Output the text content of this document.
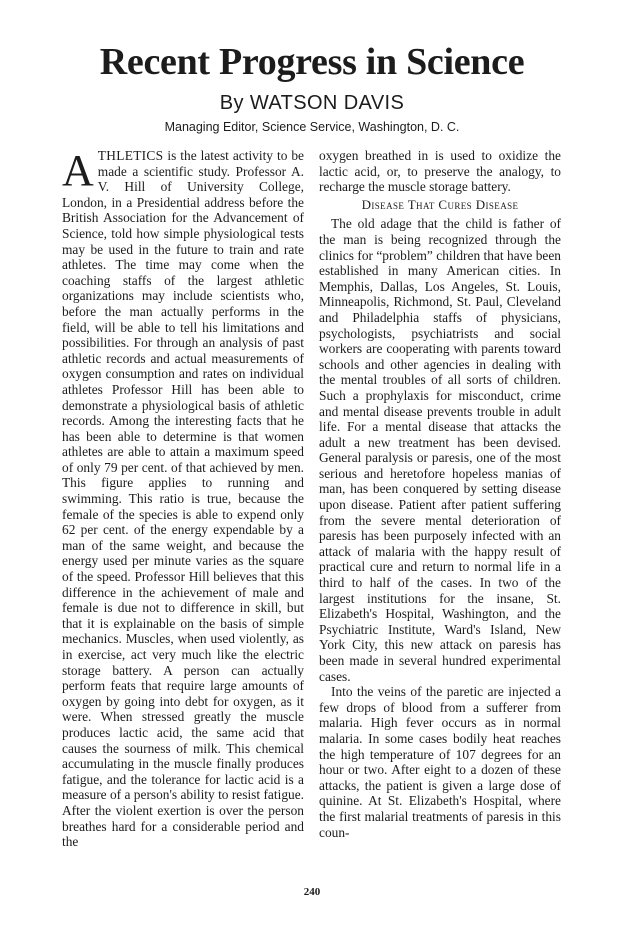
Recent Progress in Science
By WATSON DAVIS
Managing Editor, Science Service, Washington, D. C.

ATHLETICS is the latest activity to be made a scientific study. Professor A. V. Hill of University College, London, in a Presidential address before the British Association for the Advancement of Science, told how simple physiological tests may be used in the future to train and rate athletes. The time may come when the coaching staffs of the largest athletic organizations may include scientists who, before the man actually performs in the field, will be able to tell his limitations and possibilities. For through an analysis of past athletic records and actual measurements of oxygen consumption and rates on individual athletes Professor Hill has been able to demonstrate a physiological basis of athletic records. Among the interesting facts that he has been able to determine is that women athletes are able to attain a maximum speed of only 79 per cent. of that achieved by men. This figure applies to running and swimming. This ratio is true, because the female of the species is able to expend only 62 per cent. of the energy expendable by a man of the same weight, and because the energy used per minute varies as the square of the speed. Professor Hill believes that this difference in the achievement of male and female is due not to difference in skill, but that it is explainable on the basis of simple mechanics. Muscles, when used violently, as in exercise, act very much like the electric storage battery. A person can actually perform feats that require large amounts of oxygen by going into debt for oxygen, as it were. When stressed greatly the muscle produces lactic acid, the same acid that causes the sourness of milk. This chemical accumulating in the muscle finally produces fatigue, and the tolerance for lactic acid is a measure of a person's ability to resist fatigue. After the violent exertion is over the person breathes hard for a considerable period and the

oxygen breathed in is used to oxidize the lactic acid, or, to preserve the analogy, to recharge the muscle storage battery.

Disease That Cures Disease

The old adage that the child is father of the man is being recognized through the clinics for “problem” children that have been established in many American cities. In Memphis, Dallas, Los Angeles, St. Louis, Minneapolis, Richmond, St. Paul, Cleveland and Philadelphia staffs of physicians, psychologists, psychiatrists and social workers are cooperating with parents toward schools and other agencies in dealing with the mental troubles of all sorts of children. Such a prophylaxis for misconduct, crime and mental disease prevents trouble in adult life. For a mental disease that attacks the adult a new treatment has been devised. General paralysis or paresis, one of the most serious and heretofore hopeless manias of man, has been conquered by setting disease upon disease. Patient after patient suffering from the severe mental deterioration of paresis has been purposely infected with an attack of malaria with the happy result of practical cure and return to normal life in a third to half of the cases. In two of the largest institutions for the insane, St. Elizabeth's Hospital, Washington, and the Psychiatric Institute, Ward's Island, New York City, this new attack on paresis has been made in several hundred experimental cases.

Into the veins of the paretic are injected a few drops of blood from a sufferer from malaria. High fever occurs as in normal malaria. In some cases bodily heat reaches the high temperature of 107 degrees for an hour or two. After eight to a dozen of these attacks, the patient is given a large dose of quinine. At St. Elizabeth's Hospital, where the first malarial treatments of paresis in this coun-

240
